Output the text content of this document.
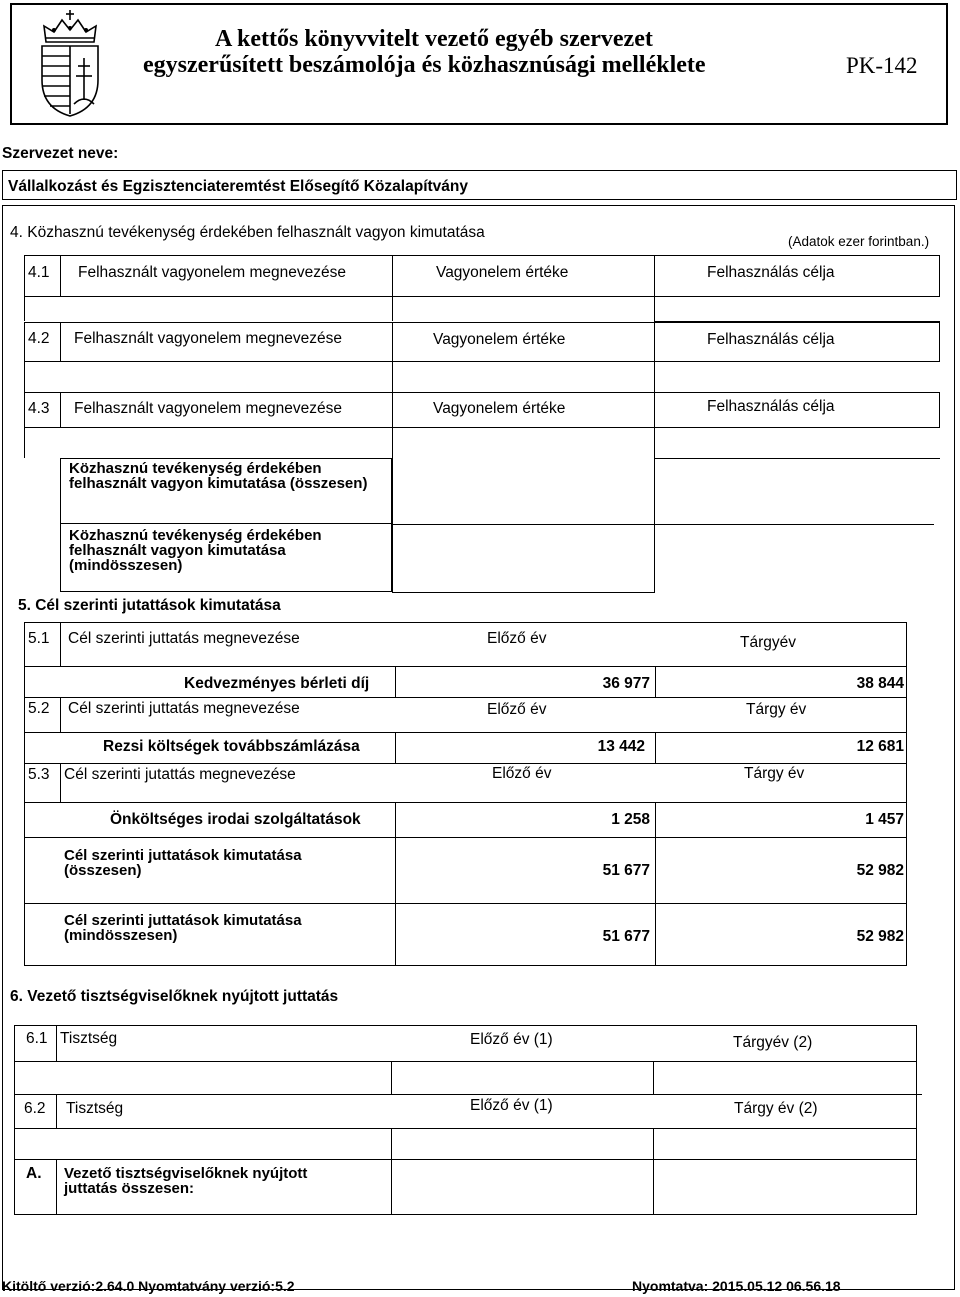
A kettős könyvvitelt vezető egyéb szervezet
egyszerűsített beszámolója és közhasznúsági melléklete	PK-142
Szervezet neve:
Vállalkozást és Egzisztenciateremtést Elősegítő Közalapítvány
4. Közhasznú tevékenység érdekében felhasznált vagyon kimutatása
(Adatok ezer forintban.)
4.1 Felhasznált vagyonelem megnevezése	Vagyonelem értéke	Felhasználás célja
4.2 Felhasznált vagyonelem megnevezése	Vagyonelem értéke	Felhasználás célja
4.3 Felhasznált vagyonelem megnevezése	Vagyonelem értéke	Felhasználás célja
Közhasznú tevékenység érdekében felhasznált vagyon kimutatása (összesen)
Közhasznú tevékenység érdekében felhasznált vagyon kimutatása (mindösszesen)
5. Cél szerinti jutattások kimutatása
5.1 Cél szerinti juttatás megnevezése	Előző év	Tárgyév
Kedvezményes bérleti díj	36 977	38 844
5.2 Cél szerinti juttatás megnevezése	Előző év	Tárgy év
Rezsi költségek továbbszámlázása	13 442	12 681
5.3 Cél szerinti jutattás megnevezése	Előző év	Tárgy év
Önköltséges irodai szolgáltatások	1 258	1 457
Cél szerinti juttatások kimutatása (összesen)	51 677	52 982
Cél szerinti juttatások kimutatása (mindösszesen)	51 677	52 982
6. Vezető tisztségviselőknek nyújtott juttatás
6.1 Tisztség	Előző év (1)	Tárgyév (2)
6.2 Tisztség	Előző év (1)	Tárgy év (2)
A. Vezető tisztségviselőknek nyújtott juttatás összesen:
Kitöltő verzió:2.64.0 Nyomtatvány verzió:5.2	Nyomtatva: 2015.05.12 06.56.18
